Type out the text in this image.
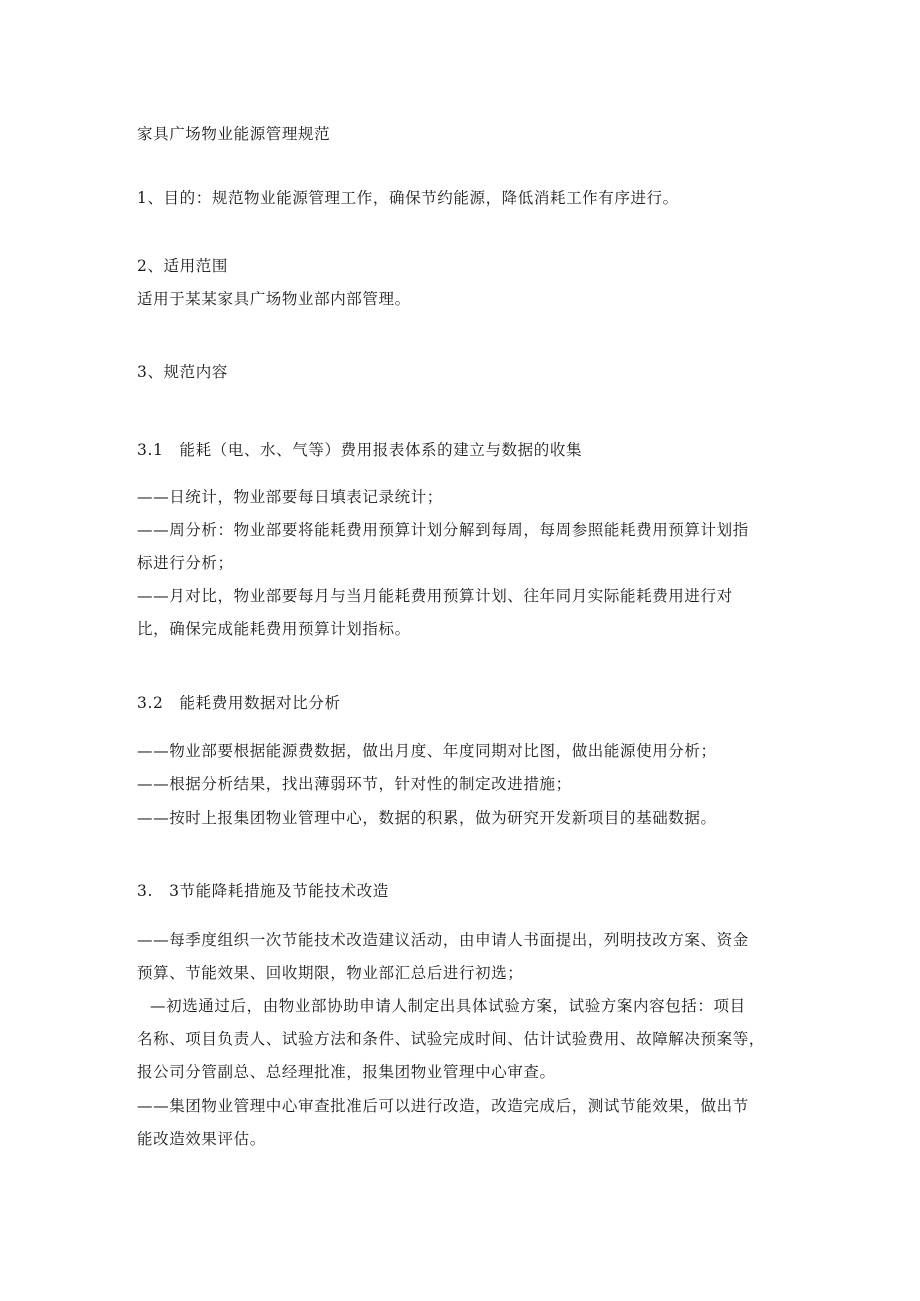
家具广场物业能源管理规范
1、目的：规范物业能源管理工作，确保节约能源，降低消耗工作有序进行。
2、适用范围
适用于某某家具广场物业部内部管理。
3、规范内容
3.1　能耗（电、水、气等）费用报表体系的建立与数据的收集
——日统计，物业部要每日填表记录统计；
——周分析：物业部要将能耗费用预算计划分解到每周，每周参照能耗费用预算计划指
标进行分析；
——月对比，物业部要每月与当月能耗费用预算计划、往年同月实际能耗费用进行对
比，确保完成能耗费用预算计划指标。
3.2　能耗费用数据对比分析
——物业部要根据能源费数据，做出月度、年度同期对比图，做出能源使用分析；
——根据分析结果，找出薄弱环节，针对性的制定改进措施；
——按时上报集团物业管理中心，数据的积累，做为研究开发新项目的基础数据。
3.　3节能降耗措施及节能技术改造
——每季度组织一次节能技术改造建议活动，由申请人书面提出，列明技改方案、资金
预算、节能效果、回收期限，物业部汇总后进行初选；
—初选通过后，由物业部协助申请人制定出具体试验方案，试验方案内容包括：项目
名称、项目负责人、试验方法和条件、试验完成时间、估计试验费用、故障解决预案等，
报公司分管副总、总经理批准，报集团物业管理中心审查。
——集团物业管理中心审查批准后可以进行改造，改造完成后，测试节能效果，做出节
能改造效果评估。
